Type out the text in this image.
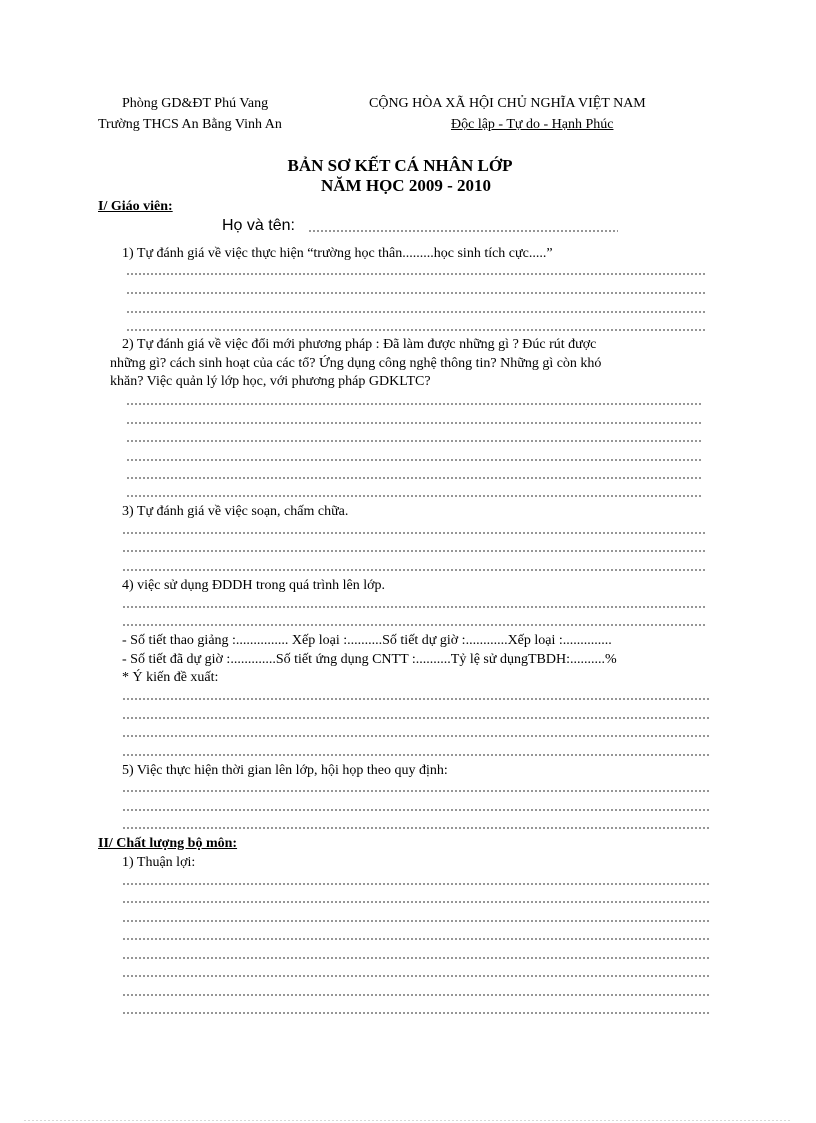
Phòng GD&ĐT Phú Vang
Trường THCS An Bằng Vinh An
CỘNG HÒA XÃ HỘI CHỦ NGHĨA VIỆT NAM
Độc lập - Tự do - Hạnh Phúc
BẢN SƠ KẾT CÁ NHÂN LỚP
NĂM HỌC 2009 - 2010
I/ Giáo viên:
Họ và tên:
1) Tự đánh giá về việc thực hiện “trường học thân.........học sinh tích cực.....”
2) Tự đánh giá về việc đổi mới phương pháp : Đã làm được những gì ? Đúc rút được
những gì? cách sinh hoạt của các tổ? Ứng dụng công nghệ thông tin? Những gì còn khó
khăn? Việc quản lý lớp học, với phương pháp GDKLTC?
3) Tự đánh giá về việc soạn, chấm chữa.
4) việc sử dụng ĐDDH trong quá trình lên lớp.
- Số tiết thao giảng :............... Xếp loại :..........Số tiết dự giờ :............Xếp loại :..............
- Số tiết đã dự giờ :.............Số tiết ứng dụng CNTT :..........Tỷ lệ sử dụngTBDH:..........%
* Ý kiến đề xuất:
5) Việc thực hiện thời gian lên lớp, hội họp theo quy định:
II/ Chất lượng bộ môn:
1) Thuận lợi:
